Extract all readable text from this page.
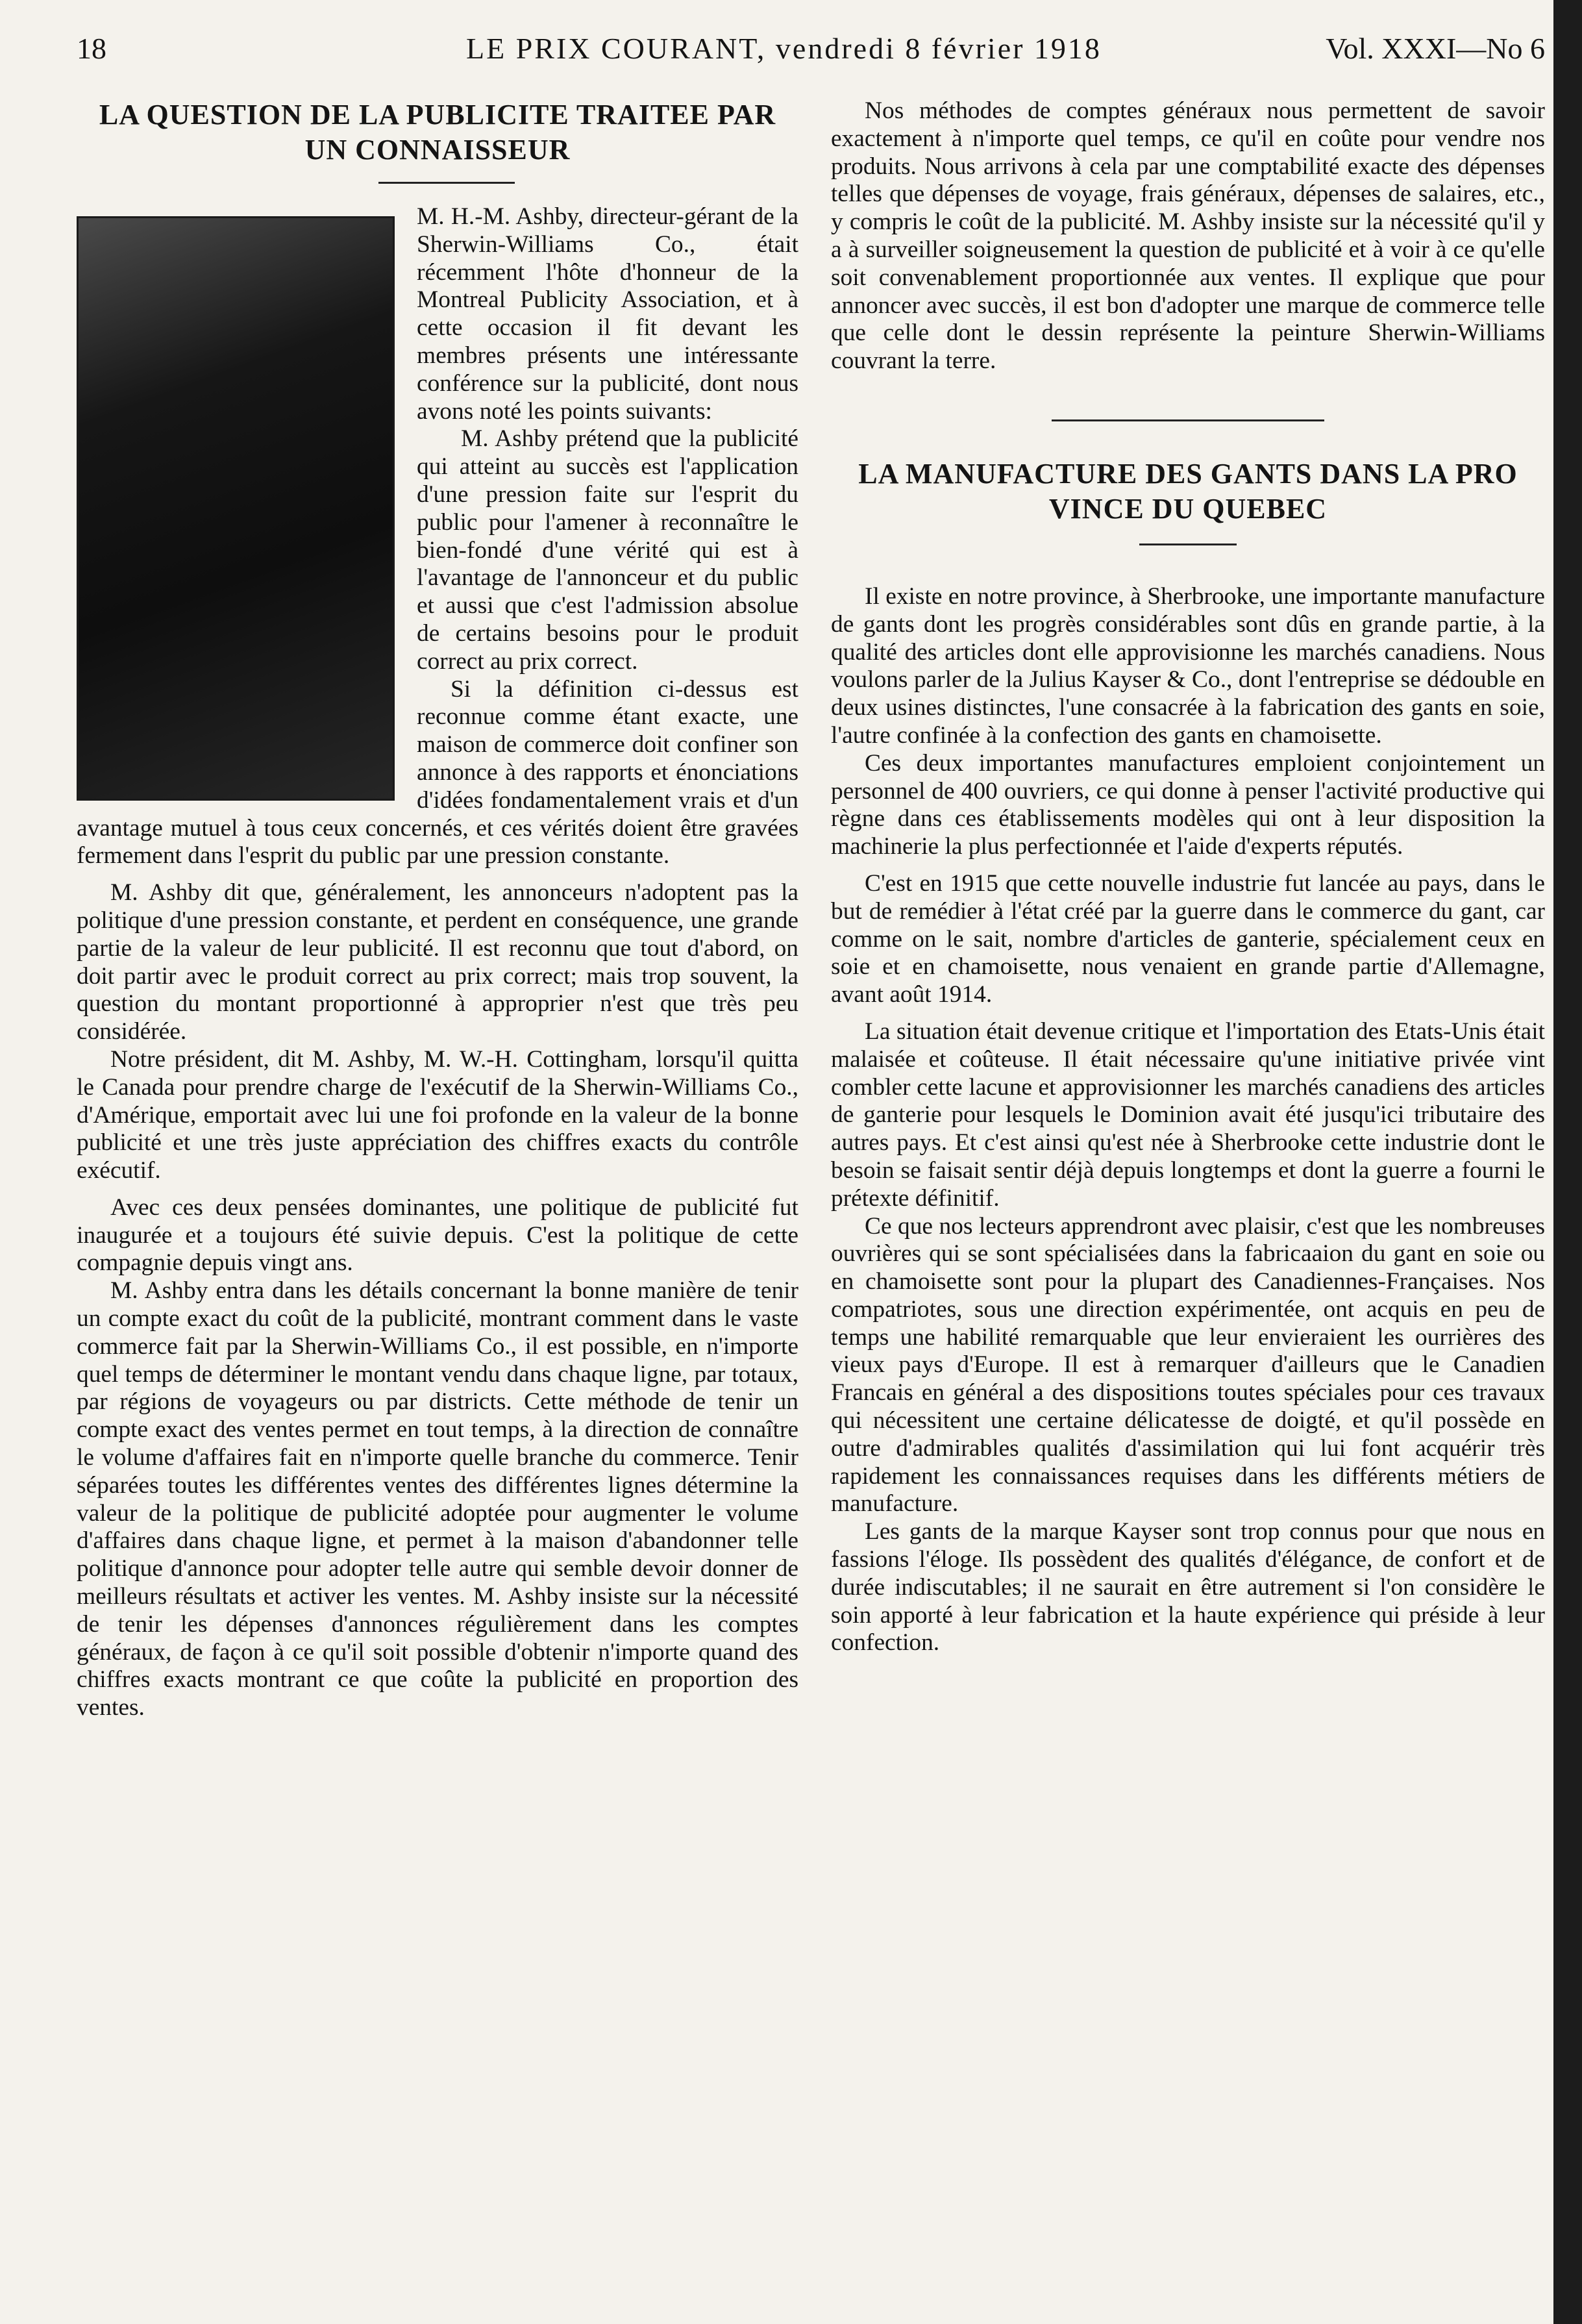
18	LE PRIX COURANT, vendredi 8 février 1918	Vol. XXXI—No 6
LA QUESTION DE LA PUBLICITE TRAITEE PAR
UN CONNAISSEUR

M. H.-M. Ashby, directeur-gérant de la Sherwin-Williams Co., était récemment l'hôte d'honneur de la Montreal Publicity Association, et à cette occasion il fit devant les membres présents une intéressante conférence sur la publicité, dont nous avons noté les points suivants:

M. Ashby prétend que la publicité qui atteint au succès est l'application d'une pression faite sur l'esprit du public pour l'amener à reconnaître le bien-fondé d'une vérité qui est à l'avantage de l'annonceur et du public et aussi que c'est l'admission absolue de certains besoins pour le produit correct au prix correct.

Si la définition ci-dessus est reconnue comme étant exacte, une maison de commerce doit confiner son annonce à des rapports et énonciations d'idées fondamentalement vrais et d'un avantage mutuel à tous ceux concernés, et ces vérités doient être gravées fermement dans l'esprit du public par une pression constante.

M. Ashby dit que, généralement, les annonceurs n'adoptent pas la politique d'une pression constante, et perdent en conséquence, une grande partie de la valeur de leur publicité. Il est reconnu que tout d'abord, on doit partir avec le produit correct au prix correct; mais trop souvent, la question du montant proportionné à approprier n'est que très peu considérée.

Notre président, dit M. Ashby, M. W.-H. Cottingham, lorsqu'il quitta le Canada pour prendre charge de l'exécutif de la Sherwin-Williams Co., d'Amérique, emportait avec lui une foi profonde en la valeur de la bonne publicité et une très juste appréciation des chiffres exacts du contrôle exécutif.

Avec ces deux pensées dominantes, une politique de publicité fut inaugurée et a toujours été suivie depuis. C'est la politique de cette compagnie depuis vingt ans.

M. Ashby entra dans les détails concernant la bonne manière de tenir un compte exact du coût de la publicité, montrant comment dans le vaste commerce fait par la Sherwin-Williams Co., il est possible, en n'importe quel temps de déterminer le montant vendu dans chaque ligne, par totaux, par régions de voyageurs ou par districts. Cette méthode de tenir un compte exact des ventes permet en tout temps, à la direction de connaître le volume d'affaires fait en n'importe quelle branche du commerce. Tenir séparées toutes les différentes ventes des différentes lignes détermine la valeur de la politique de publicité adoptée pour augmenter le volume d'affaires dans chaque ligne, et permet à la maison d'abandonner telle politique d'annonce pour adopter telle autre qui semble devoir donner de meilleurs résultats et activer les ventes. M. Ashby insiste sur la nécessité de tenir les dépenses d'annonces régulièrement dans les comptes généraux, de façon à ce qu'il soit possible d'obtenir n'importe quand des chiffres exacts montrant ce que coûte la publicité en proportion des ventes.

Nos méthodes de comptes généraux nous permettent de savoir exactement à n'importe quel temps, ce qu'il en coûte pour vendre nos produits. Nous arrivons à cela par une comptabilité exacte des dépenses telles que dépenses de voyage, frais généraux, dépenses de salaires, etc., y compris le coût de la publicité. M. Ashby insiste sur la nécessité qu'il y a à surveiller soigneusement la question de publicité et à voir à ce qu'elle soit convenablement proportionnée aux ventes. Il explique que pour annoncer avec succès, il est bon d'adopter une marque de commerce telle que celle dont le dessin représente la peinture Sherwin-Williams couvrant la terre.

LA MANUFACTURE DES GANTS DANS LA PRO
VINCE DU QUEBEC

Il existe en notre province, à Sherbrooke, une importante manufacture de gants dont les progrès considérables sont dûs en grande partie, à la qualité des articles dont elle approvisionne les marchés canadiens. Nous voulons parler de la Julius Kayser & Co., dont l'entreprise se dédouble en deux usines distinctes, l'une consacrée à la fabrication des gants en soie, l'autre confinée à la confection des gants en chamoisette.

Ces deux importantes manufactures emploient conjointement un personnel de 400 ouvriers, ce qui donne à penser l'activité productive qui règne dans ces établissements modèles qui ont à leur disposition la machinerie la plus perfectionnée et l'aide d'experts réputés.

C'est en 1915 que cette nouvelle industrie fut lancée au pays, dans le but de remédier à l'état créé par la guerre dans le commerce du gant, car comme on le sait, nombre d'articles de ganterie, spécialement ceux en soie et en chamoisette, nous venaient en grande partie d'Allemagne, avant août 1914.

La situation était devenue critique et l'importation des Etats-Unis était malaisée et coûteuse. Il était nécessaire qu'une initiative privée vint combler cette lacune et approvisionner les marchés canadiens des articles de ganterie pour lesquels le Dominion avait été jusqu'ici tributaire des autres pays. Et c'est ainsi qu'est née à Sherbrooke cette industrie dont le besoin se faisait sentir déjà depuis longtemps et dont la guerre a fourni le prétexte définitif.

Ce que nos lecteurs apprendront avec plaisir, c'est que les nombreuses ouvrières qui se sont spécialisées dans la fabricaaion du gant en soie ou en chamoisette sont pour la plupart des Canadiennes-Françaises. Nos compatriotes, sous une direction expérimentée, ont acquis en peu de temps une habilité remarquable que leur envieraient les ourrières des vieux pays d'Europe. Il est à remarquer d'ailleurs que le Canadien Francais en général a des dispositions toutes spéciales pour ces travaux qui nécessitent une certaine délicatesse de doigté, et qu'il possède en outre d'admirables qualités d'assimilation qui lui font acquérir très rapidement les connaissances requises dans les différents métiers de manufacture.

Les gants de la marque Kayser sont trop connus pour que nous en fassions l'éloge. Ils possèdent des qualités d'élégance, de confort et de durée indiscutables; il ne saurait en être autrement si l'on considère le soin apporté à leur fabrication et la haute expérience qui préside à leur confection.
